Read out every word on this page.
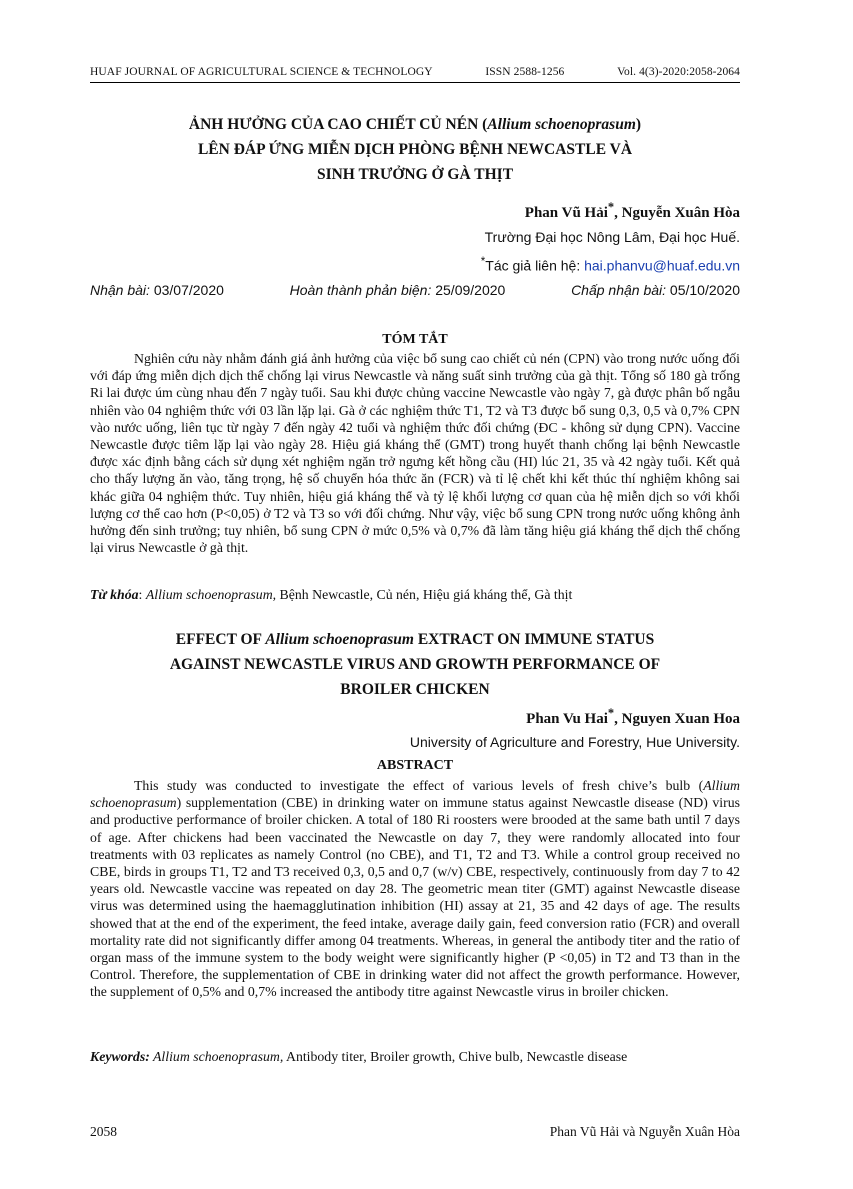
HUAF JOURNAL OF AGRICULTURAL SCIENCE & TECHNOLOGY	ISSN 2588-1256	Vol. 4(3)-2020:2058-2064
ẢNH HƯỞNG CỦA CAO CHIẾT CỦ NÉN (Allium schoenoprasum)
LÊN ĐÁP ỨNG MIỄN DỊCH PHÒNG BỆNH NEWCASTLE VÀ
SINH TRƯỞNG Ở GÀ THỊT
Phan Vũ Hải*, Nguyễn Xuân Hòa
Trường Đại học Nông Lâm, Đại học Huế.
*Tác giả liên hệ: hai.phanvu@huaf.edu.vn
Nhận bài: 03/07/2020	Hoàn thành phản biện: 25/09/2020	Chấp nhận bài: 05/10/2020
TÓM TẮT

Nghiên cứu này nhằm đánh giá ảnh hưởng của việc bổ sung cao chiết củ nén (CPN) vào trong nước uống đối với đáp ứng miễn dịch dịch thể chống lại virus Newcastle và năng suất sinh trưởng của gà thịt. Tổng số 180 gà trống Ri lai được úm cùng nhau đến 7 ngày tuổi. Sau khi được chủng vaccine Newcastle vào ngày 7, gà được phân bố ngẫu nhiên vào 04 nghiệm thức với 03 lần lặp lại. Gà ở các nghiệm thức T1, T2 và T3 được bổ sung 0,3, 0,5 và 0,7% CPN vào nước uống, liên tục từ ngày 7 đến ngày 42 tuổi và nghiệm thức đối chứng (ĐC - không sử dụng CPN). Vaccine Newcastle được tiêm lặp lại vào ngày 28. Hiệu giá kháng thể (GMT) trong huyết thanh chống lại bệnh Newcastle được xác định bằng cách sử dụng xét nghiệm ngăn trở ngưng kết hồng cầu (HI) lúc 21, 35 và 42 ngày tuổi. Kết quả cho thấy lượng ăn vào, tăng trọng, hệ số chuyển hóa thức ăn (FCR) và tỉ lệ chết khi kết thúc thí nghiệm không sai khác giữa 04 nghiệm thức. Tuy nhiên, hiệu giá kháng thể và tỷ lệ khối lượng cơ quan của hệ miễn dịch so với khối lượng cơ thể cao hơn (P<0,05) ở T2 và T3 so với đối chứng. Như vậy, việc bổ sung CPN trong nước uống không ảnh hưởng đến sinh trưởng; tuy nhiên, bổ sung CPN ở mức 0,5% và 0,7% đã làm tăng hiệu giá kháng thể dịch thể chống lại virus Newcastle ở gà thịt.

Từ khóa: Allium schoenoprasum, Bệnh Newcastle, Củ nén, Hiệu giá kháng thể, Gà thịt
EFFECT OF Allium schoenoprasum EXTRACT ON IMMUNE STATUS
AGAINST NEWCASTLE VIRUS AND GROWTH PERFORMANCE OF
BROILER CHICKEN
Phan Vu Hai*, Nguyen Xuan Hoa
University of Agriculture and Forestry, Hue University.
ABSTRACT

This study was conducted to investigate the effect of various levels of fresh chive’s bulb (Allium schoenoprasum) supplementation (CBE) in drinking water on immune status against Newcastle disease (ND) virus and productive performance of broiler chicken. A total of 180 Ri roosters were brooded at the same bath until 7 days of age. After chickens had been vaccinated the Newcastle on day 7, they were randomly allocated into four treatments with 03 replicates as namely Control (no CBE), and T1, T2 and T3. While a control group received no CBE, birds in groups T1, T2 and T3 received 0,3, 0,5 and 0,7 (w/v) CBE, respectively, continuously from day 7 to 42 years old. Newcastle vaccine was repeated on day 28. The geometric mean titer (GMT) against Newcastle disease virus was determined using the haemagglutination inhibition (HI) assay at 21, 35 and 42 days of age. The results showed that at the end of the experiment, the feed intake, average daily gain, feed conversion ratio (FCR) and overall mortality rate did not significantly differ among 04 treatments. Whereas, in general the antibody titer and the ratio of organ mass of the immune system to the body weight were significantly higher (P <0,05) in T2 and T3 than in the Control. Therefore, the supplementation of CBE in drinking water did not affect the growth performance. However, the supplement of 0,5% and 0,7% increased the antibody titre against Newcastle virus in broiler chicken.

Keywords: Allium schoenoprasum, Antibody titer, Broiler growth, Chive bulb, Newcastle disease
2058	Phan Vũ Hải và Nguyễn Xuân Hòa
